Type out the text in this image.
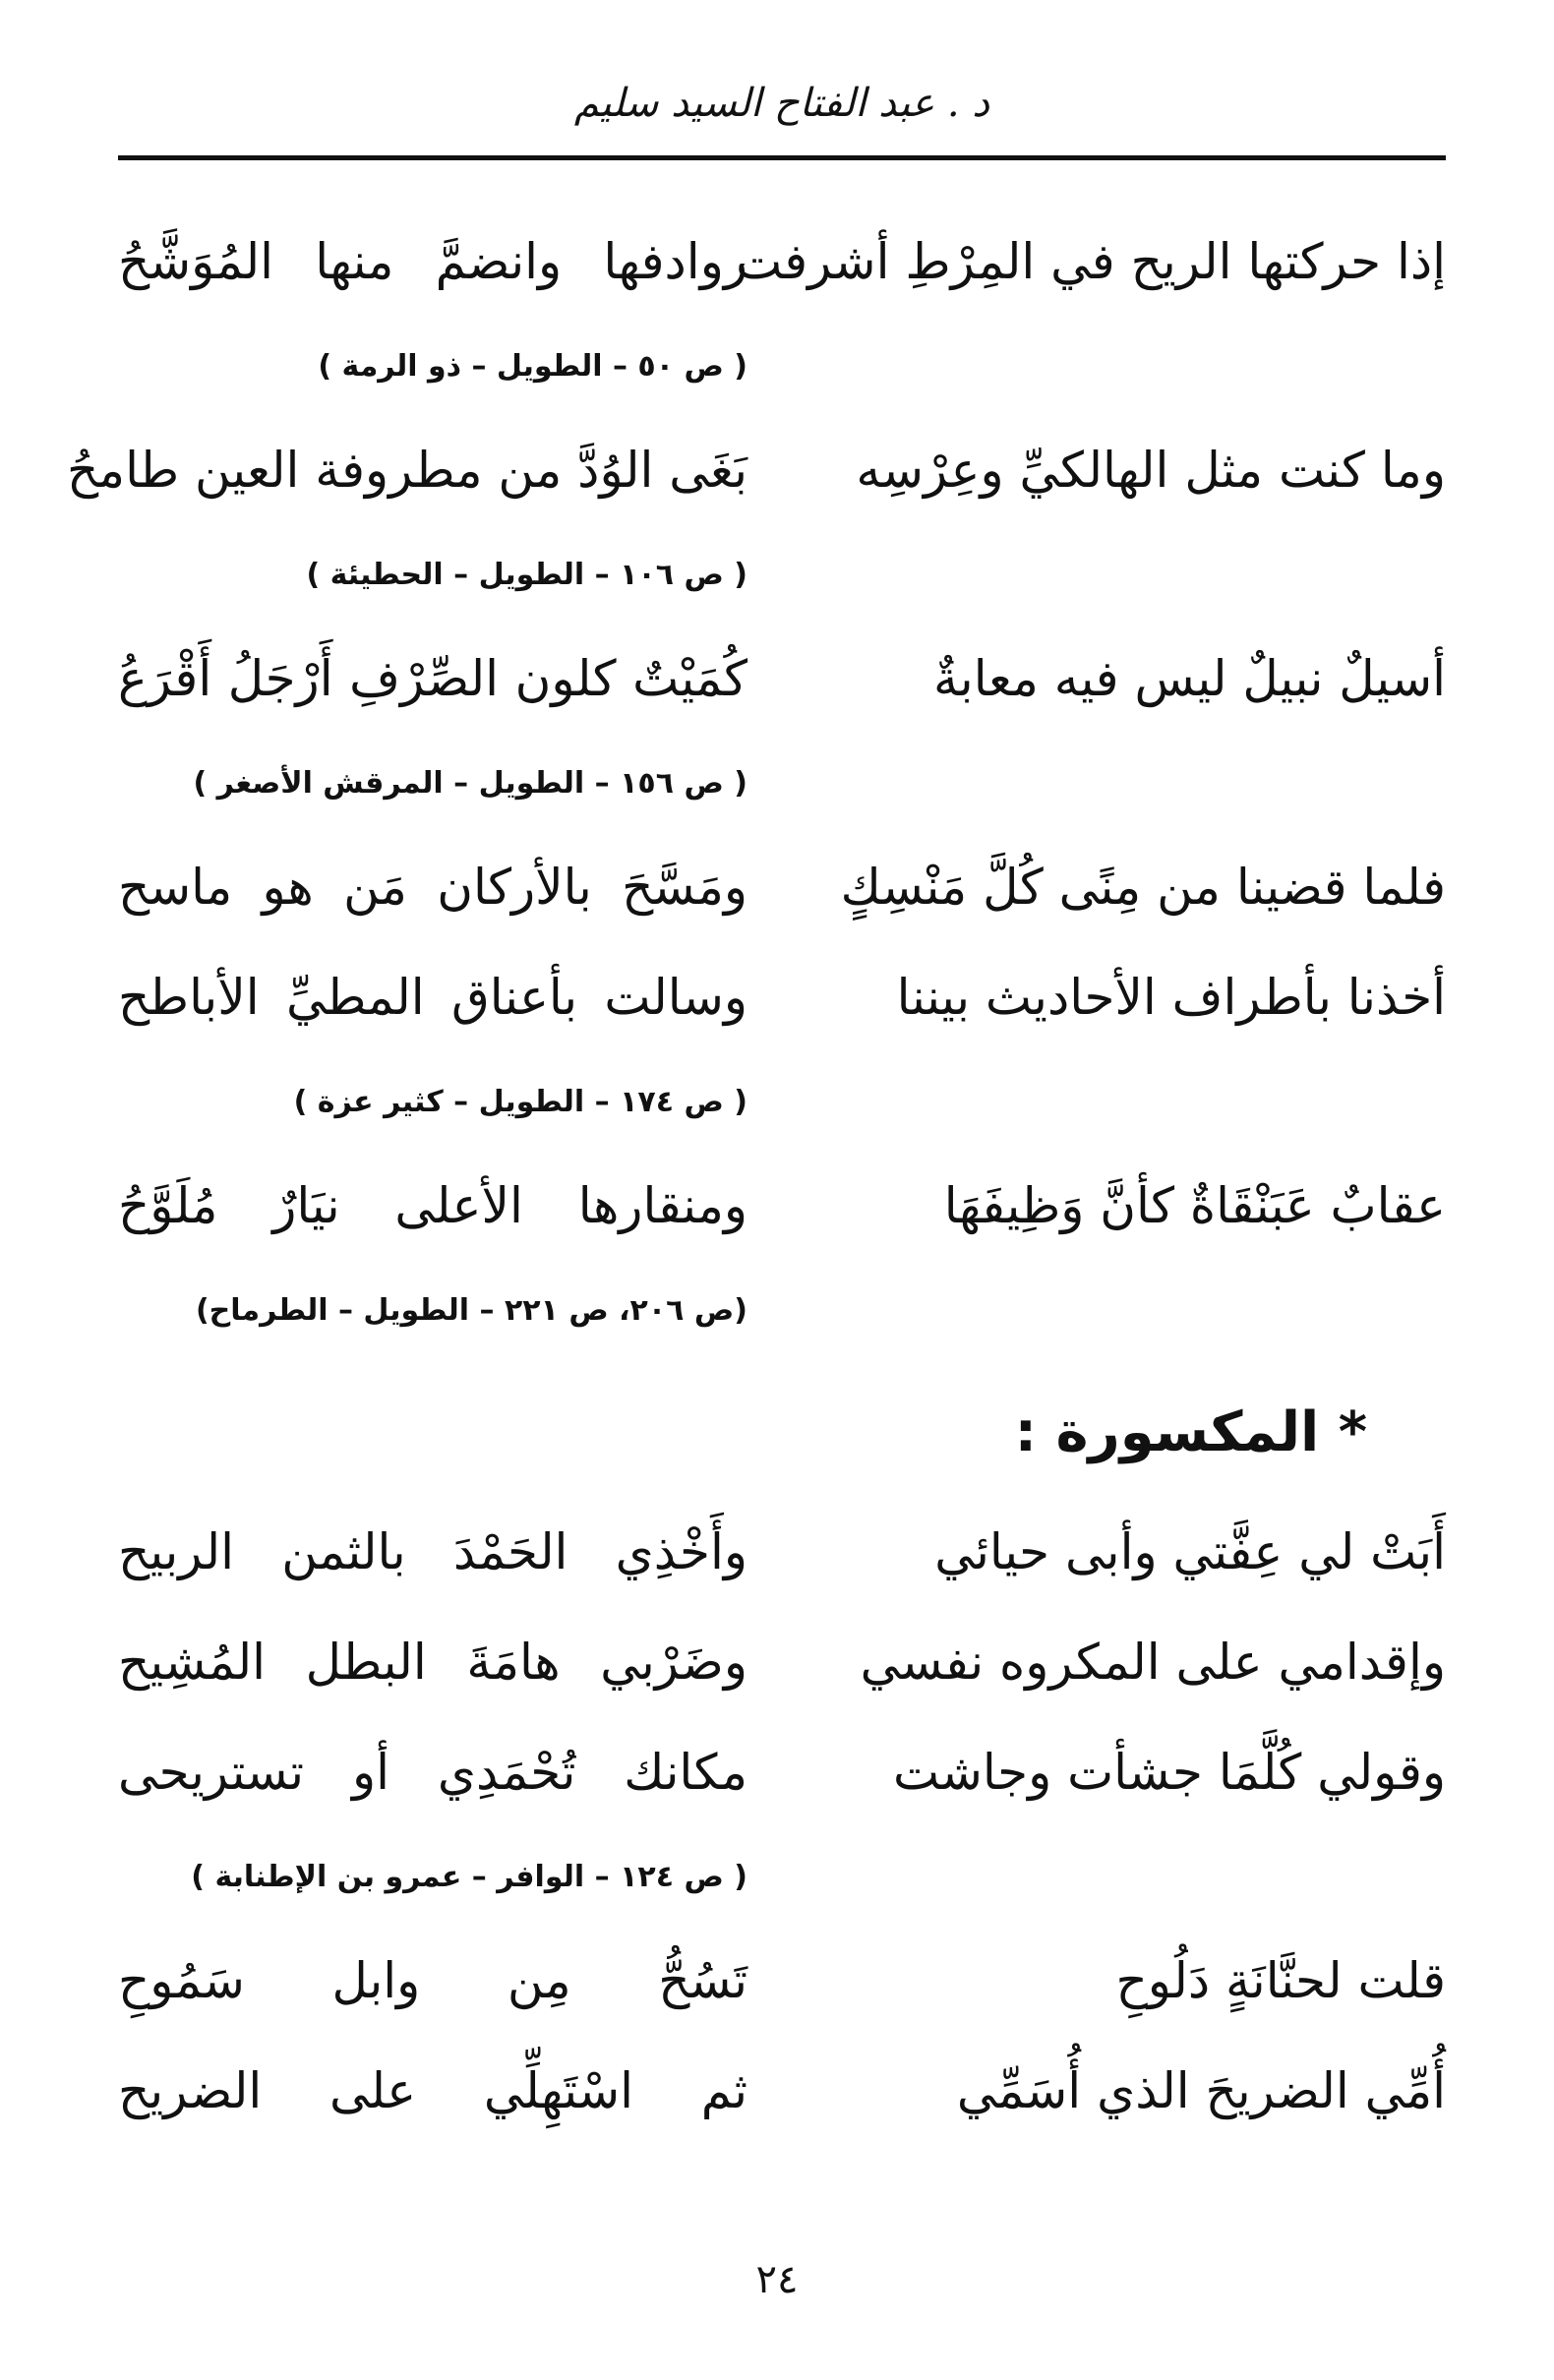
د . عبد الفتاح السيد سليم
إذا حركتها الريح في المِرْطِ أشرفت
روادفها وانضمَّ منها المُوَشَّحُ
( ص ٥٠ – الطويل – ذو الرمة )
وما كنت مثل الهالكيِّ وعِرْسِه
بَغَى الوُدَّ من مطروفة العين طامحُ
( ص ١٠٦ – الطويل – الحطيئة )
أسيلٌ نبيلٌ ليس فيه معابةٌ
كُمَيْتٌ كلون الصِّرْفِ أَرْجَلُ أَقْرَعُ
( ص ١٥٦ – الطويل – المرقش الأصغر )
فلما قضينا من مِنًى كُلَّ مَنْسِكٍ
ومَسَّحَ بالأركان مَن هو ماسح
أخذنا بأطراف الأحاديث بيننا
وسالت بأعناق المطيِّ الأباطح
( ص ١٧٤ – الطويل – كثير عزة )
عقابٌ عَبَنْقَاةٌ كأنَّ وَظِيفَهَا
ومنقارها الأعلى نيَارٌ مُلَوَّحُ
(ص ٢٠٦، ص ٢٢١ – الطويل – الطرماح)
* المكسورة :
أَبَتْ لي عِفَّتي وأبى حيائي
وأَخْذِي الحَمْدَ بالثمن الربيح
وإقدامي على المكروه نفسي
وضَرْبي هامَةَ البطل المُشِيح
وقولي كُلَّمَا جشأت وجاشت
مكانك تُحْمَدِي أو تستريحى
( ص ١٢٤ – الوافر – عمرو بن الإطنابة )
قلت لحنَّانَةٍ دَلُوحِ
تَسُحُّ مِن وابل سَمُوحِ
أُمِّي الضريحَ الذي أُسَمِّي
ثم اسْتَهِلِّي على الضريح
٢٤
